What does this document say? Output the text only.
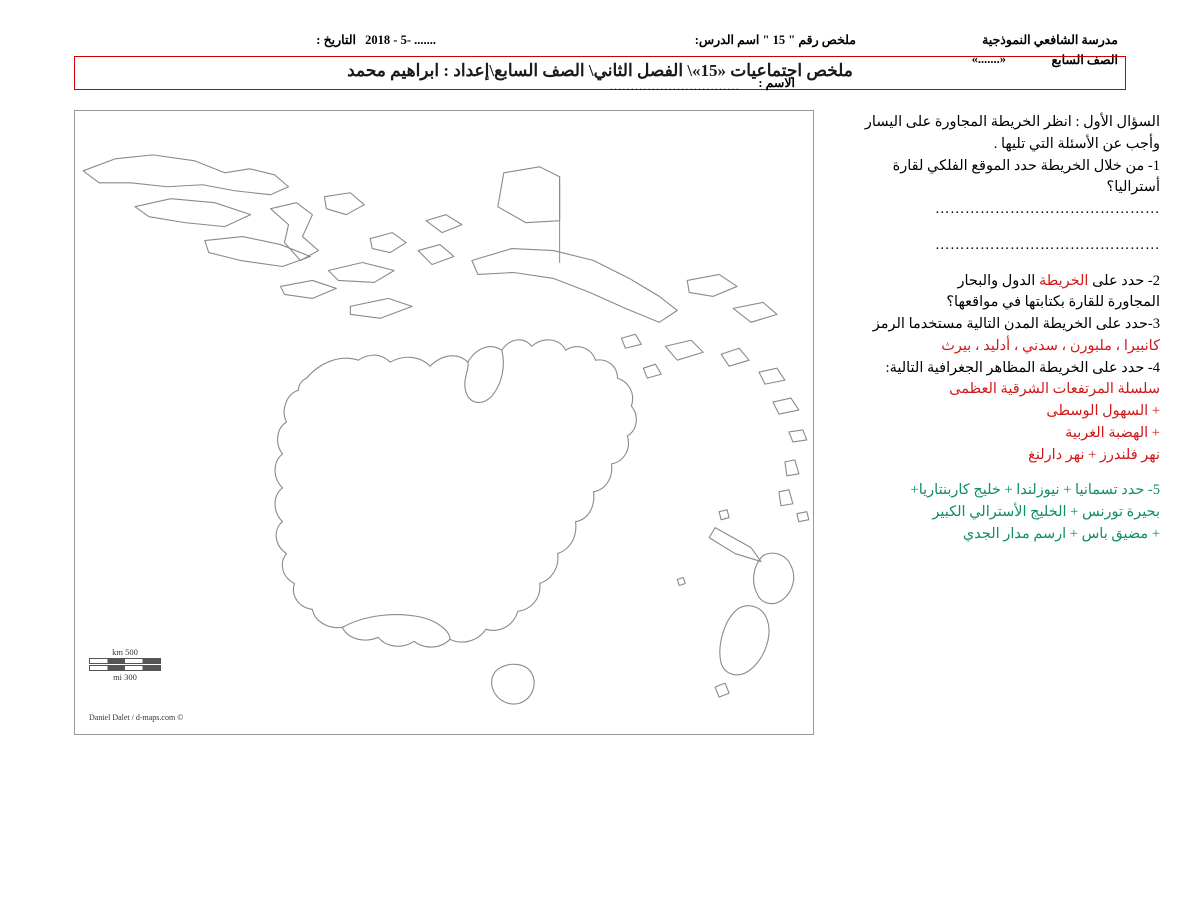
مدرسة الشافعي النموذجية
ملخص رقم " 15 " اسم الدرس:
....... -5 - 2018 التاريخ :
الصف السابع
«.......»
ملخص اجتماعيات «15»\ الفصل الثاني\ الصف السابع\إعداد : ابراهيم محمد
الاسم :
...............................
500 km
300 mi
© Daniel Dalet / d-maps.com

السؤال الأول : انظر الخريطة المجاورة على اليسار

وأجب عن الأسئلة التي تليها .

1- من خلال الخريطة حدد الموقع الفلكي لقارة أستراليا؟

………………………………………

………………………………………

2- حدد على الخريطة الدول والبحار

المجاورة للقارة بكتابتها في مواقعها؟

3-حدد على الخريطة المدن التالية مستخدما الرمز

كانبيرا ، ملبورن ، سدني ، أدليد ، بيرث

4- حدد على الخريطة المظاهر الجغرافية التالية:

سلسلة المرتفعات الشرقية العظمى

+ السهول الوسطى

+ الهضبة الغربية

نهر فلندرز + نهر دارلنغ

5- حدد تسمانيا + نيوزلندا + خليج كاربنتاريا+

بحيرة تورنس + الخليج الأسترالي الكبير

+ مضيق باس + ارسم مدار الجدي
